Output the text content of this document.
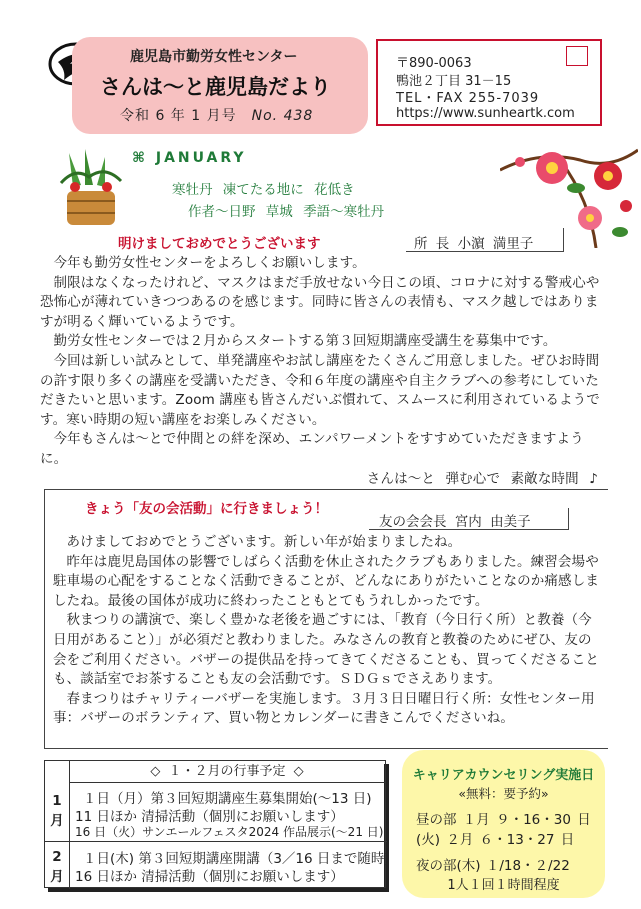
鹿児島市勤労女性センター
さんは～と鹿児島だより
令和 6 年 1 月号　 No. 438
〒890-0063
鴨池２丁目 31－15
TEL・FAX 255-7039
https://www.sunheartk.com
⌘ JANUARY
寒牡丹 凍てたる地に 花低き
作者～日野 草城 季語～寒牡丹
明けましておめでとうございます	所 長 小濵 満里子

今年も勤労女性センターをよろしくお願いします。

制限はなくなったけれど、マスクはまだ手放せない今日この頃、コロナに対する警戒心や恐怖心が薄れていきつつあるのを感じます。同時に皆さんの表情も、マスク越しではありますが明るく輝いているようです。

勤労女性センターでは２月からスタートする第３回短期講座受講生を募集中です。

今回は新しい試みとして、単発講座やお試し講座をたくさんご用意しました。ぜひお時間の許す限り多くの講座を受講いただき、令和６年度の講座や自主クラブへの参考にしていただきたいと思います。Zoom 講座も皆さんだいぶ慣れて、スムースに利用されているようです。寒い時期の短い講座をお楽しみください。

今年もさんは～とで仲間との絆を深め、エンパワーメントをすすめていただきますように。

さんは～と 弾む心で 素敵な時間 ♪

きょう「友の会活動」に行きましょう！
友の会会長 宮内 由美子

あけましておめでとうございます。新しい年が始まりましたね。

昨年は鹿児島国体の影響でしばらく活動を休止されたクラブもありました。練習会場や駐車場の心配をすることなく活動できることが、どんなにありがたいことなのか痛感しましたね。最後の国体が成功に終わったこともとてもうれしかったです。

秋まつりの講演で、楽しく豊かな老後を過ごすには、「教育（今日行く所）と教養（今日用があること）」が必須だと教わりました。みなさんの教育と教養のためにぜひ、友の会をご利用ください。バザーの提供品を持ってきてくださることも、買ってくださることも、談話室でお茶することも友の会活動です。ＳＤＧｓでさえあります。

春まつりはチャリティーバザーを実施します。３月３日日曜日行く所：女性センター用事：バザーのボランティア、買い物とカレンダーに書きこんでくださいね。

◇ １・２月の行事予定 ◇
1月
１日（月）第３回短期講座生募集開始(～13 日)
11 日ほか 清掃活動（個別にお願いします）
16 日（火）サンエールフェスタ2024 作品展示(～21 日)
2月
１日(木) 第３回短期講座開講（3／16 日まで随時)
16 日ほか 清掃活動（個別にお願いします）
キャリアカウンセリング実施日
«無料：要予約»
昼の部 １月 ９・16・30 日
(火) ２月 ６・13・27 日
夜の部(木) １/18・２/22
1人１回１時間程度
